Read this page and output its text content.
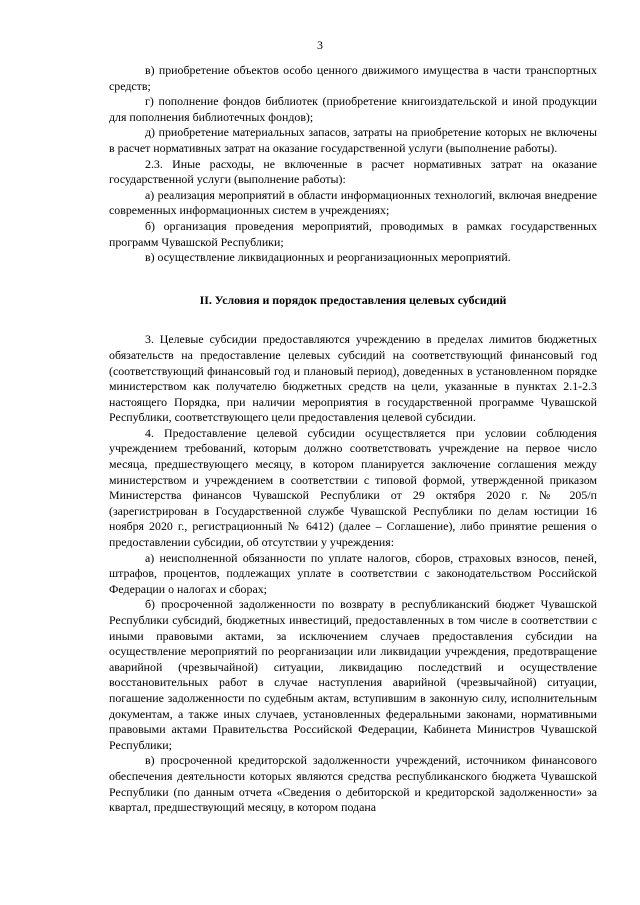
3

в) приобретение объектов особо ценного движимого имущества в части транспортных средств;

г) пополнение фондов библиотек (приобретение книгоиздательской и иной продукции для пополнения библиотечных фондов);

д) приобретение материальных запасов, затраты на приобретение которых не включены в расчет нормативных затрат на оказание государственной услуги (выполнение работы).

2.3. Иные расходы, не включенные в расчет нормативных затрат на оказание государственной услуги (выполнение работы):

а) реализация мероприятий в области информационных технологий, включая внедрение современных информационных систем в учреждениях;

б) организация проведения мероприятий, проводимых в рамках государственных программ Чувашской Республики;

в) осуществление ликвидационных и реорганизационных мероприятий.

II. Условия и порядок предоставления целевых субсидий

3. Целевые субсидии предоставляются учреждению в пределах лимитов бюджетных обязательств на предоставление целевых субсидий на соответствующий финансовый год (соответствующий финансовый год и плановый период), доведенных в установленном порядке министерством как получателю бюджетных средств на цели, указанные в пунктах 2.1-2.3 настоящего Порядка, при наличии мероприятия в государственной программе Чувашской Республики, соответствующего цели предоставления целевой субсидии.

4. Предоставление целевой субсидии осуществляется при условии соблюдения учреждением требований, которым должно соответствовать учреждение на первое число месяца, предшествующего месяцу, в котором планируется заключение соглашения между министерством и учреждением в соответствии с типовой формой, утвержденной приказом Министерства финансов Чувашской Республики от 29 октября 2020 г. № 205/п (зарегистрирован в Государственной службе Чувашской Республики по делам юстиции 16 ноября 2020 г., регистрационный № 6412) (далее – Соглашение), либо принятие решения о предоставлении субсидии, об отсутствии у учреждения:

а) неисполненной обязанности по уплате налогов, сборов, страховых взносов, пеней, штрафов, процентов, подлежащих уплате в соответствии с законодательством Российской Федерации о налогах и сборах;

б) просроченной задолженности по возврату в республиканский бюджет Чувашской Республики субсидий, бюджетных инвестиций, предоставленных в том числе в соответствии с иными правовыми актами, за исключением случаев предоставления субсидии на осуществление мероприятий по реорганизации или ликвидации учреждения, предотвращение аварийной (чрезвычайной) ситуации, ликвидацию последствий и осуществление восстановительных работ в случае наступления аварийной (чрезвычайной) ситуации, погашение задолженности по судебным актам, вступившим в законную силу, исполнительным документам, а также иных случаев, установленных федеральными законами, нормативными правовыми актами Правительства Российской Федерации, Кабинета Министров Чувашской Республики;

в) просроченной кредиторской задолженности учреждений, источником финансового обеспечения деятельности которых являются средства республиканского бюджета Чувашской Республики (по данным отчета «Сведения о дебиторской и кредиторской задолженности» за квартал, предшествующий месяцу, в котором подана
